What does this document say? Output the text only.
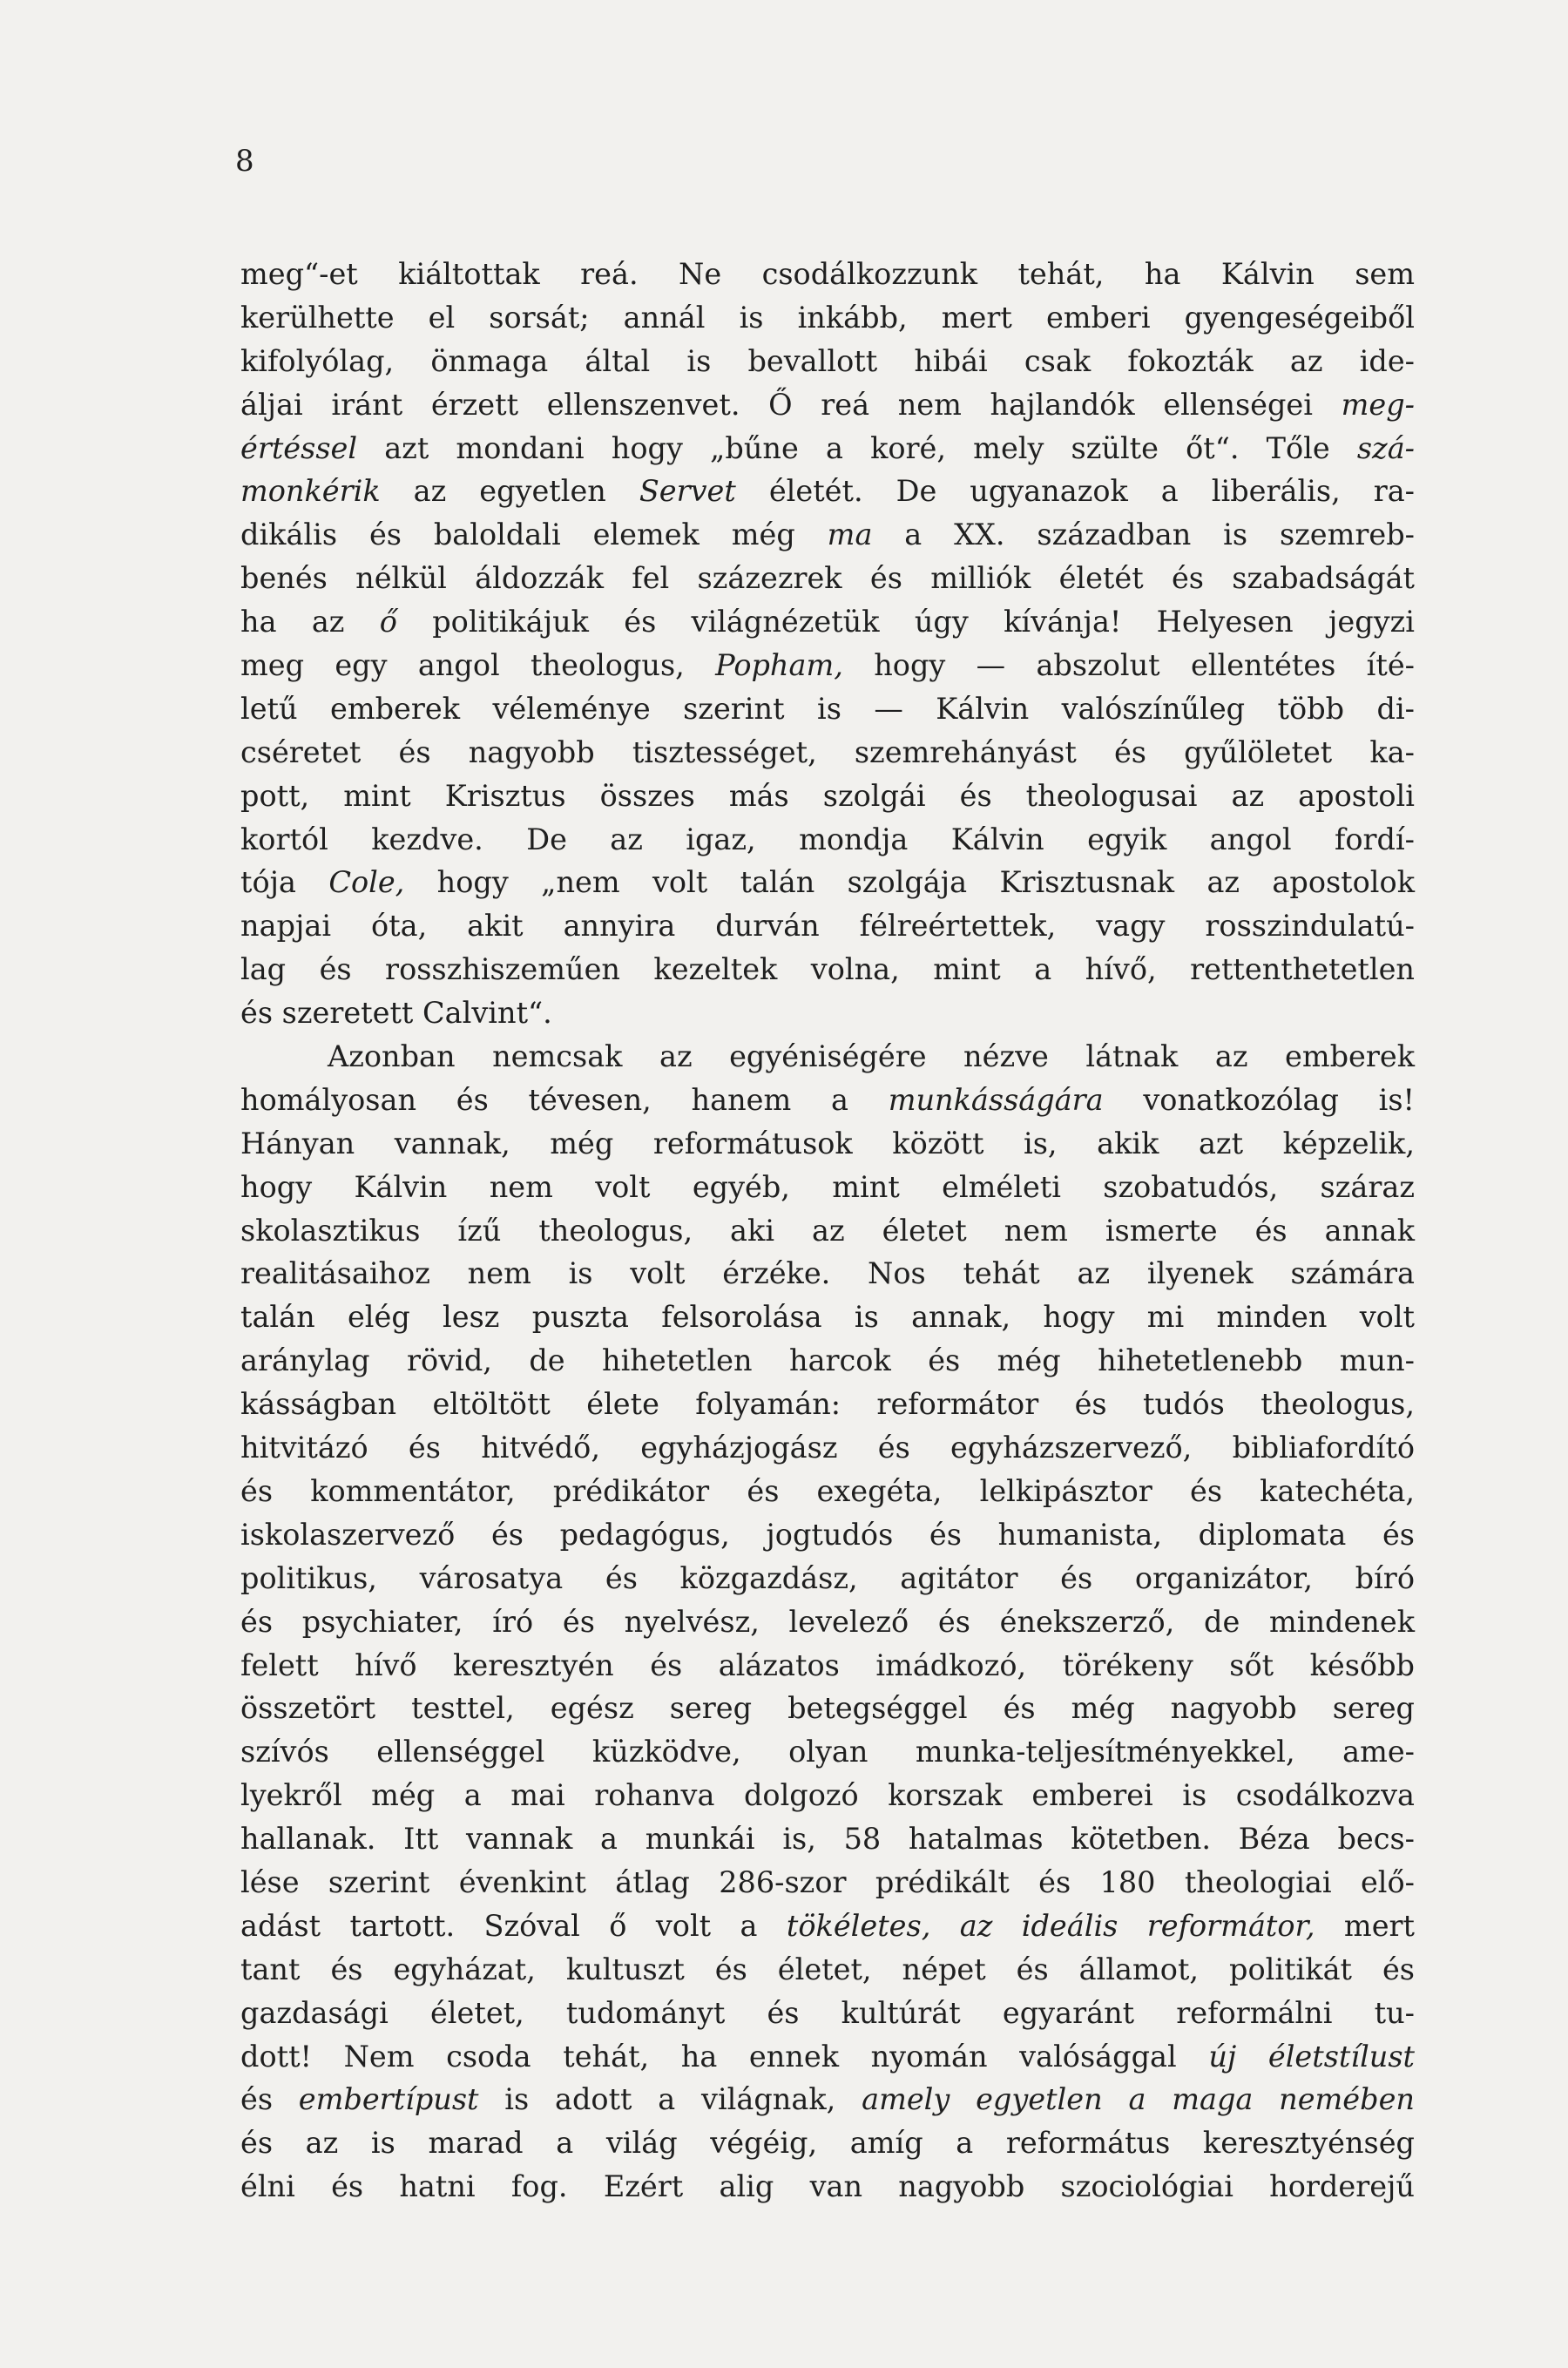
8
meg“-et kiáltottak reá. Ne csodálkozzunk tehát, ha Kálvin sem
kerülhette el sorsát; annál is inkább, mert emberi gyengeségeiből
kifolyólag, önmaga által is bevallott hibái csak fokozták az ide-
áljai iránt érzett ellenszenvet. Ő reá nem hajlandók ellenségei meg-
értéssel azt mondani hogy „bűne a koré, mely szülte őt“. Tőle szá-
monkérik az egyetlen Servet életét. De ugyanazok a liberális, ra-
dikális és baloldali elemek még ma a XX. században is szemreb-
benés nélkül áldozzák fel százezrek és milliók életét és szabadságát
ha az ő politikájuk és világnézetük úgy kívánja! Helyesen jegyzi
meg egy angol theologus, Popham, hogy — abszolut ellentétes íté-
letű emberek véleménye szerint is — Kálvin valószínűleg több di-
cséretet és nagyobb tisztességet, szemrehányást és gyűlöletet ka-
pott, mint Krisztus összes más szolgái és theologusai az apostoli
kortól kezdve. De az igaz, mondja Kálvin egyik angol fordí-
tója Cole, hogy „nem volt talán szolgája Krisztusnak az apostolok
napjai óta, akit annyira durván félreértettek, vagy rosszindulatú-
lag és rosszhiszeműen kezeltek volna, mint a hívő, rettenthetetlen
és szeretett Calvint“.
Azonban nemcsak az egyéniségére nézve látnak az emberek
homályosan és tévesen, hanem a munkásságára vonatkozólag is!
Hányan vannak, még reformátusok között is, akik azt képzelik,
hogy Kálvin nem volt egyéb, mint elméleti szobatudós, száraz
skolasztikus ízű theologus, aki az életet nem ismerte és annak
realitásaihoz nem is volt érzéke. Nos tehát az ilyenek számára
talán elég lesz puszta felsorolása is annak, hogy mi minden volt
aránylag rövid, de hihetetlen harcok és még hihetetlenebb mun-
kásságban eltöltött élete folyamán: reformátor és tudós theologus,
hitvitázó és hitvédő, egyházjogász és egyházszervező, bibliafordító
és kommentátor, prédikátor és exegéta, lelkipásztor és katechéta,
iskolaszervező és pedagógus, jogtudós és humanista, diplomata és
politikus, városatya és közgazdász, agitátor és organizátor, bíró
és psychiater, író és nyelvész, levelező és énekszerző, de mindenek
felett hívő keresztyén és alázatos imádkozó, törékeny sőt később
összetört testtel, egész sereg betegséggel és még nagyobb sereg
szívós ellenséggel küzködve, olyan munka-teljesítményekkel, ame-
lyekről még a mai rohanva dolgozó korszak emberei is csodálkozva
hallanak. Itt vannak a munkái is, 58 hatalmas kötetben. Béza becs-
lése szerint évenkint átlag 286-szor prédikált és 180 theologiai elő-
adást tartott. Szóval ő volt a tökéletes, az ideális reformátor, mert
tant és egyházat, kultuszt és életet, népet és államot, politikát és
gazdasági életet, tudományt és kultúrát egyaránt reformálni tu-
dott! Nem csoda tehát, ha ennek nyomán valósággal új életstílust
és embertípust is adott a világnak, amely egyetlen a maga nemében
és az is marad a világ végéig, amíg a református keresztyénség
élni és hatni fog. Ezért alig van nagyobb szociológiai horderejű
